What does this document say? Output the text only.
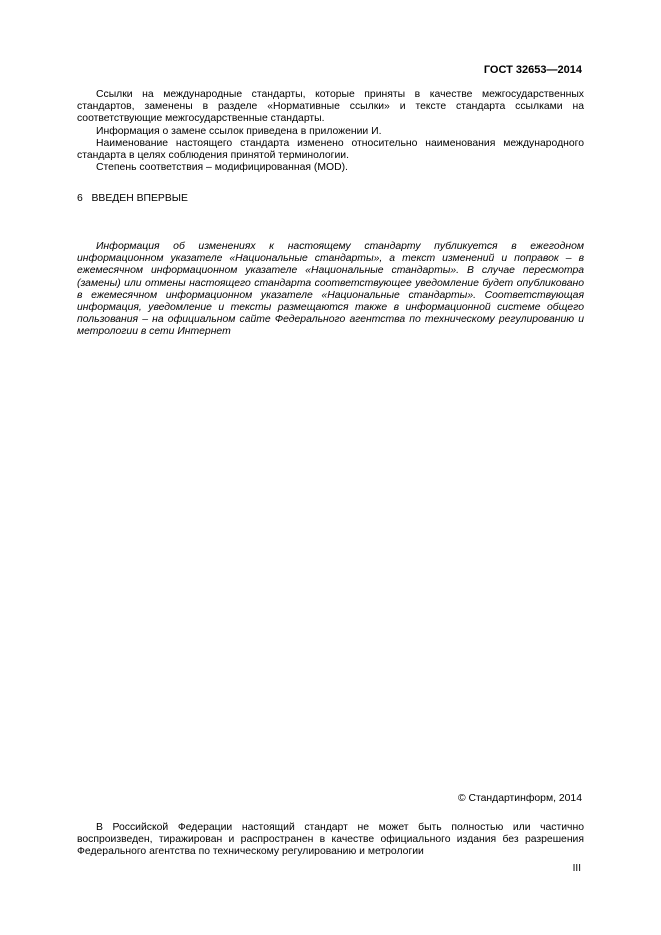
ГОСТ 32653—2014

Ссылки на международные стандарты, которые приняты в качестве межгосударственных стандартов, заменены в разделе «Нормативные ссылки» и тексте стандарта ссылками на соответствующие межгосударственные стандарты.

Информация о замене ссылок приведена в приложении И.

Наименование настоящего стандарта изменено относительно наименования международного стандарта в целях соблюдения принятой терминологии.

Степень соответствия – модифицированная (MOD).

6 ВВЕДЕН ВПЕРВЫЕ

Информация об изменениях к настоящему стандарту публикуется в ежегодном информационном указателе «Национальные стандарты», а текст изменений и поправок – в ежемесячном информационном указателе «Национальные стандарты». В случае пересмотра (замены) или отмены настоящего стандарта соответствующее уведомление будет опубликовано в ежемесячном информационном указателе «Национальные стандарты». Соответствующая информация, уведомление и тексты размещаются также в информационной системе общего пользования – на официальном сайте Федерального агентства по техническому регулированию и метрологии в сети Интернет

© Стандартинформ, 2014

В Российской Федерации настоящий стандарт не может быть полностью или частично воспроизведен, тиражирован и распространен в качестве официального издания без разрешения Федерального агентства по техническому регулированию и метрологии

III
